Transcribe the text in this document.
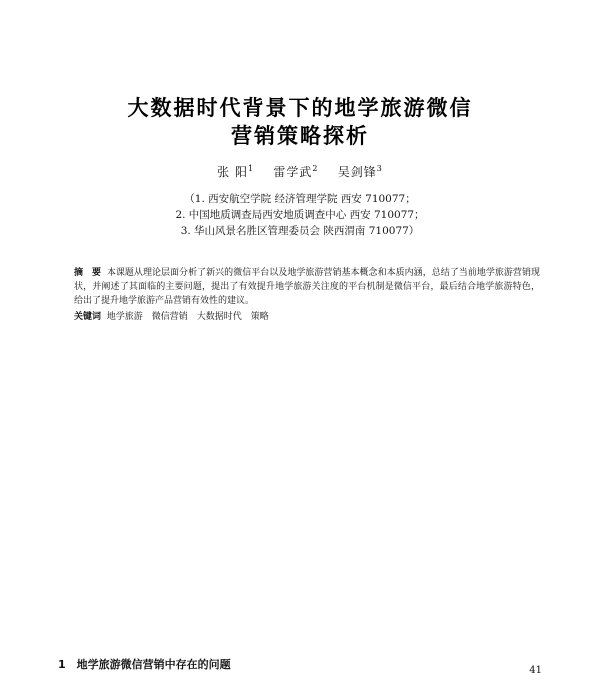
大数据时代背景下的地学旅游微信
营销策略探析
张 阳$^1$ 雷学武$^2$ 吴剑锋$^3$
（1. 西安航空学院 经济管理学院 西安 710077；
2. 中国地质调查局西安地质调查中心 西安 710077；
3. 华山风景名胜区管理委员会 陕西渭南 710077）
摘　要 本课题从理论层面分析了新兴的微信平台以及地学旅游营销基本概念和本质内涵，总结了当前地学旅游营销现状，并阐述了其面临的主要问题，提出了有效提升地学旅游关注度的平台机制是微信平台，最后结合地学旅游特色，给出了提升地学旅游产品营销有效性的建议。
关键词 地学旅游　微信营销　大数据时代　策略
1　地学旅游微信营销中存在的问题	41
